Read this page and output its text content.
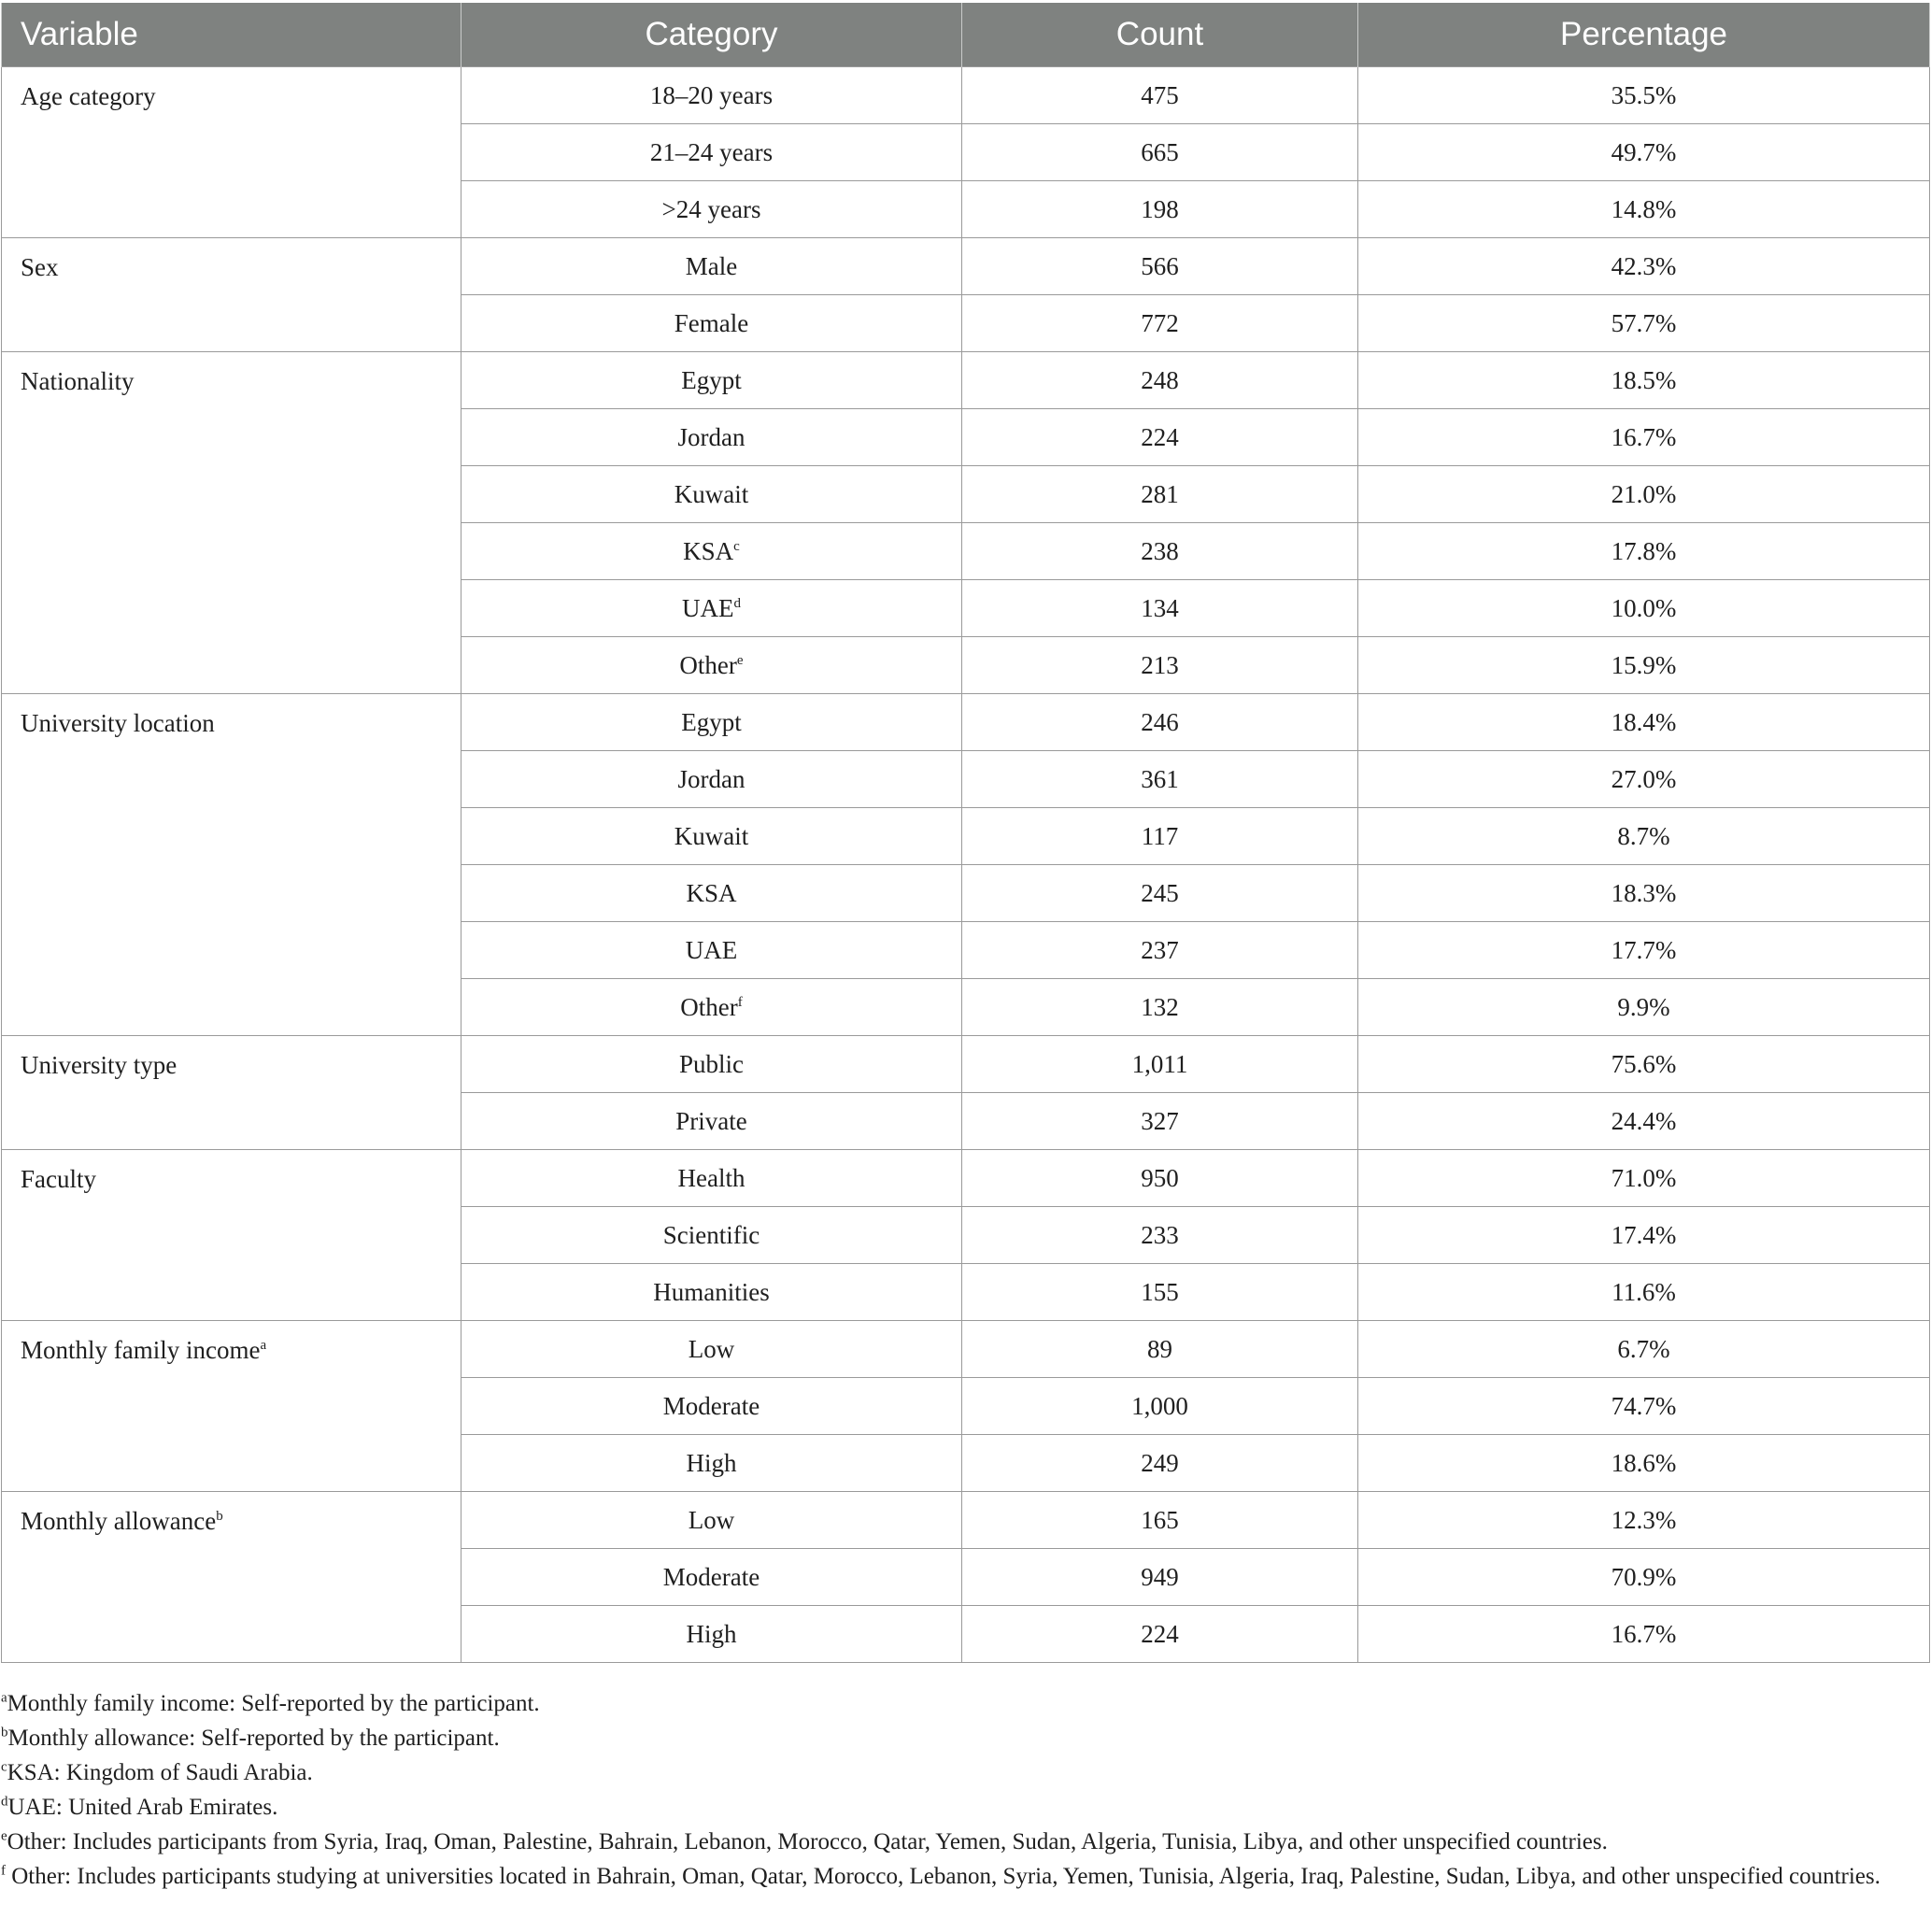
Variable	Category	Count	Percentage
Age category	18–20 years	475	35.5%
	21–24 years	665	49.7%
	>24 years	198	14.8%
Sex	Male	566	42.3%
	Female	772	57.7%
Nationality	Egypt	248	18.5%
	Jordan	224	16.7%
	Kuwait	281	21.0%
	KSA$^c$	238	17.8%
	UAE$^d$	134	10.0%
	Other$^e$	213	15.9%
University location	Egypt	246	18.4%
	Jordan	361	27.0%
	Kuwait	117	8.7%
	KSA	245	18.3%
	UAE	237	17.7%
	Other$^f$	132	9.9%
University type	Public	1,011	75.6%
	Private	327	24.4%
Faculty	Health	950	71.0%
	Scientific	233	17.4%
	Humanities	155	11.6%
Monthly family income$^a$	Low	89	6.7%
	Moderate	1,000	74.7%
	High	249	18.6%
Monthly allowance$^b$	Low	165	12.3%
	Moderate	949	70.9%
	High	224	16.7%
$^a$Monthly family income: Self-reported by the participant.
$^b$Monthly allowance: Self-reported by the participant.
$^c$KSA: Kingdom of Saudi Arabia.
$^d$UAE: United Arab Emirates.
$^e$Other: Includes participants from Syria, Iraq, Oman, Palestine, Bahrain, Lebanon, Morocco, Qatar, Yemen, Sudan, Algeria, Tunisia, Libya, and other unspecified countries.
$^f$ Other: Includes participants studying at universities located in Bahrain, Oman, Qatar, Morocco, Lebanon, Syria, Yemen, Tunisia, Algeria, Iraq, Palestine, Sudan, Libya, and other unspecified countries.
